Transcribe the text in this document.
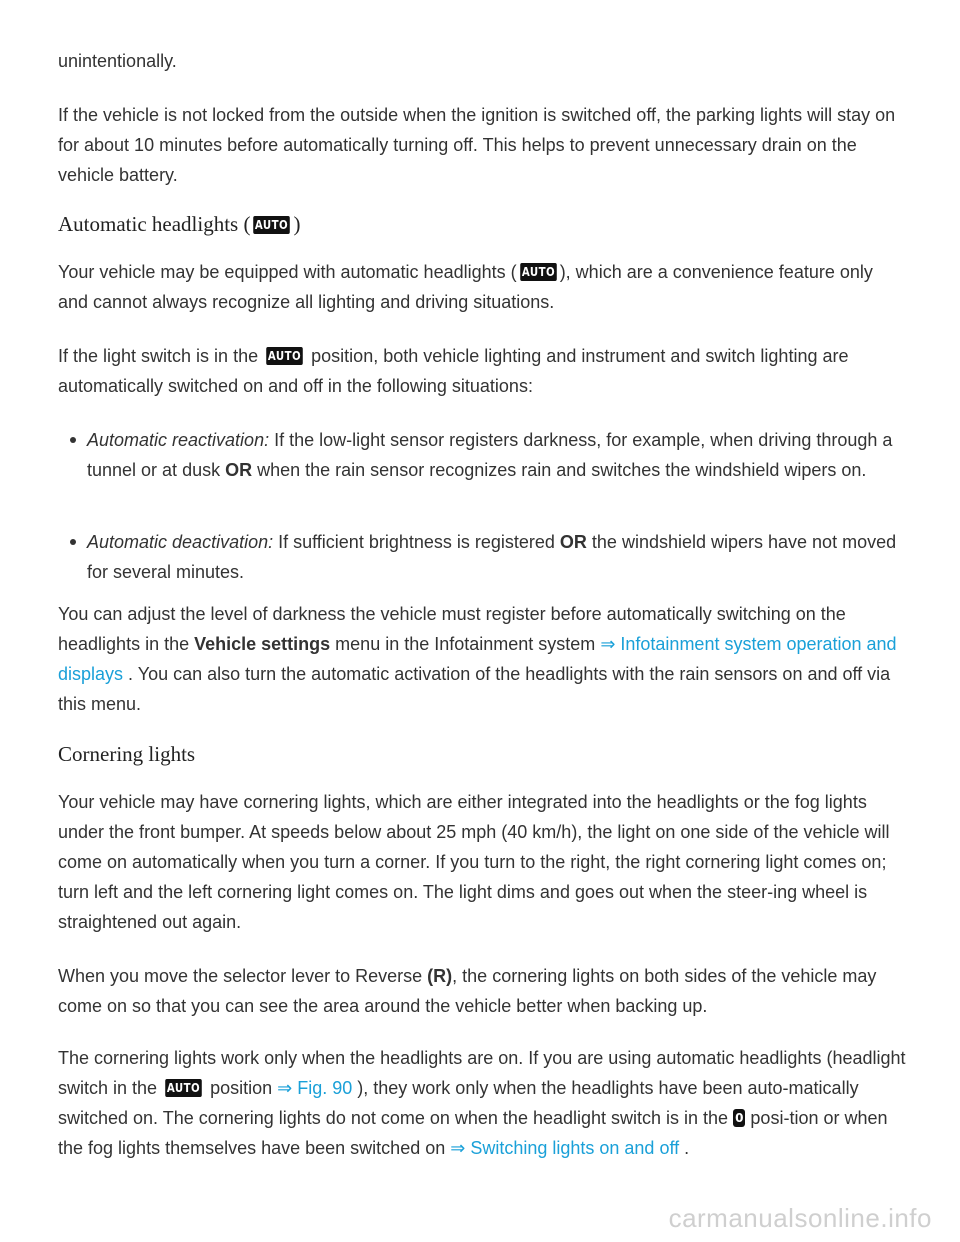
unintentionally.

If the vehicle is not locked from the outside when the ignition is switched off, the parking lights will stay on for about 10 minutes before automatically turning off. This helps to prevent unnecessary drain on the vehicle battery.

Automatic headlights ( AUTO )

Your vehicle may be equipped with automatic headlights ( AUTO ), which are a convenience feature only and cannot always recognize all lighting and driving situations.

If the light switch is in the AUTO position, both vehicle lighting and instrument and switch lighting are automatically switched on and off in the following situations:

Automatic reactivation: If the low-light sensor registers darkness, for example, when driving through a tunnel or at dusk OR when the rain sensor recognizes rain and switches the windshield wipers on.
Automatic deactivation: If sufficient brightness is registered OR the windshield wipers have not moved for several minutes.

You can adjust the level of darkness the vehicle must register before automatically switching on the headlights in the Vehicle settings menu in the Infotainment system ⇒ Infotainment system operation and displays . You can also turn the automatic activation of the headlights with the rain sensors on and off via this menu.

Cornering lights

Your vehicle may have cornering lights, which are either integrated into the headlights or the fog lights under the front bumper. At speeds below about 25 mph (40 km/h), the light on one side of the vehicle will come on automatically when you turn a corner. If you turn to the right, the right cornering light comes on; turn left and the left cornering light comes on. The light dims and goes out when the steer-ing wheel is straightened out again.

When you move the selector lever to Reverse (R), the cornering lights on both sides of the vehicle may come on so that you can see the area around the vehicle better when backing up.

The cornering lights work only when the headlights are on. If you are using automatic headlights (headlight switch in the AUTO position ⇒ Fig. 90 ), they work only when the headlights have been auto-matically switched on. The cornering lights do not come on when the headlight switch is in the 0 posi-tion or when the fog lights themselves have been switched on ⇒ Switching lights on and off .

carmanualsonline.info
